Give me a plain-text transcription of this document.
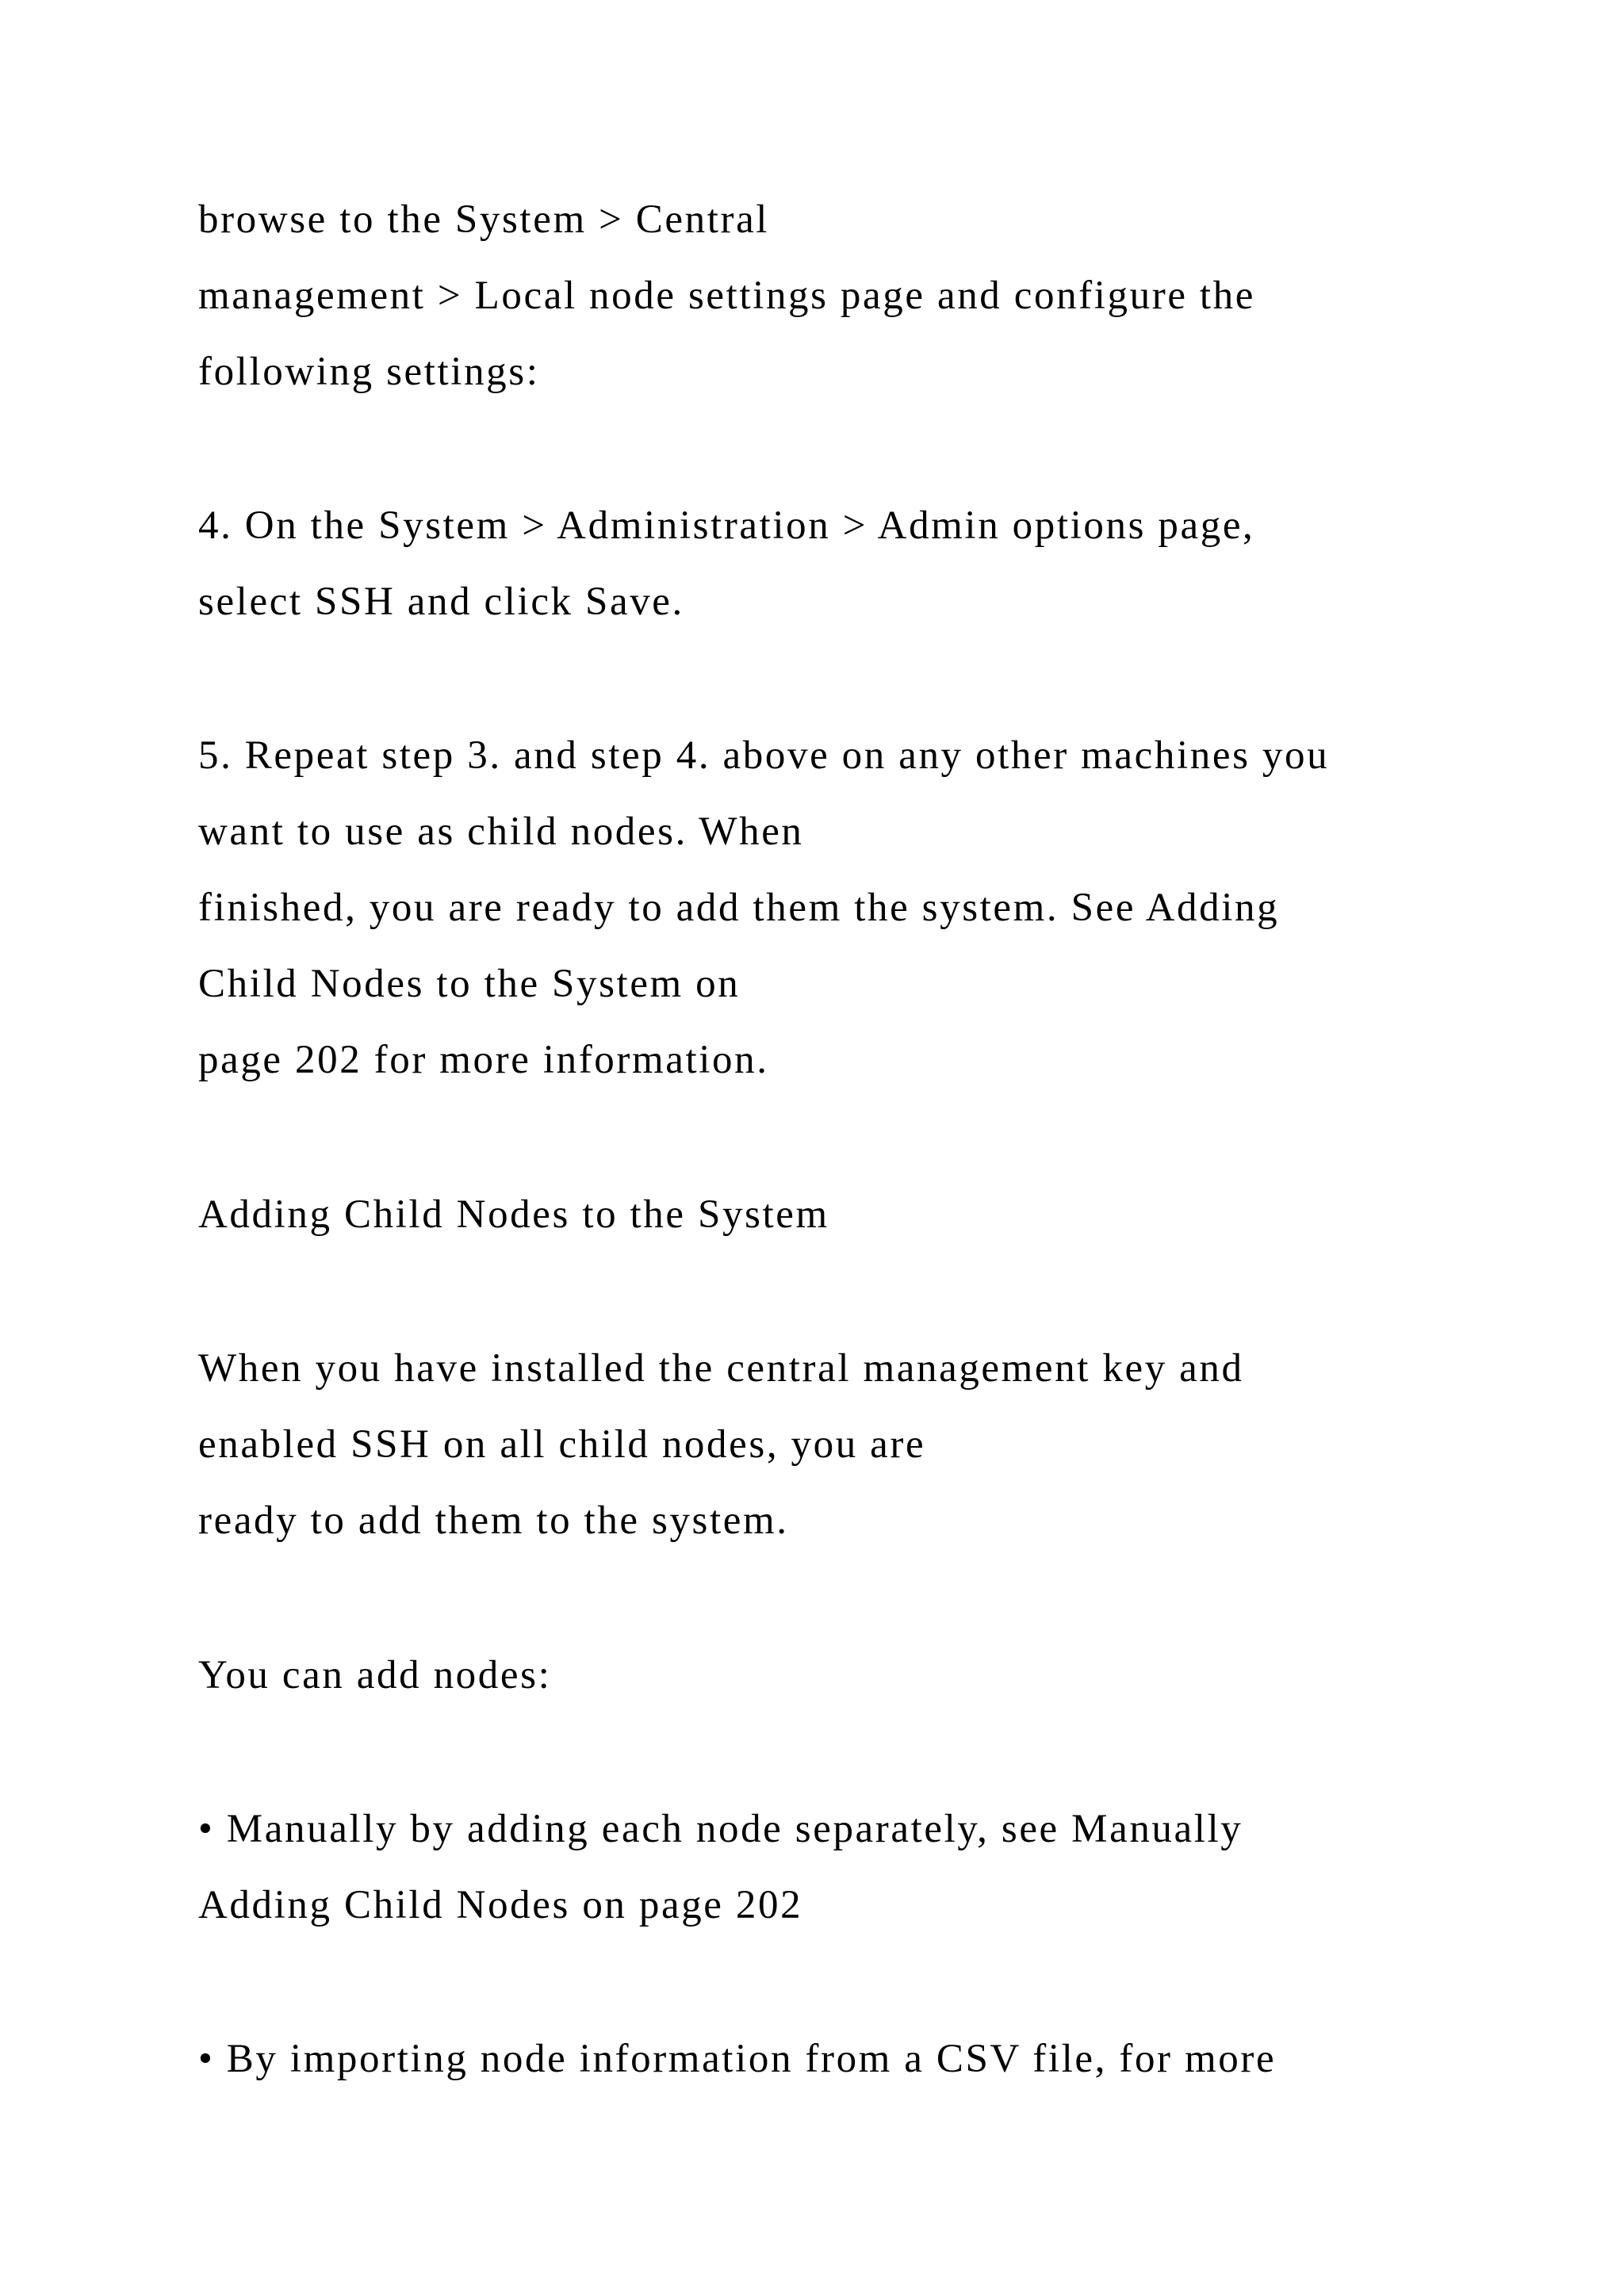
browse to the System > Central

management > Local node settings page and configure the

following settings:

4. On the System > Administration > Admin options page,

select SSH and click Save.

5. Repeat step 3. and step 4. above on any other machines you

want to use as child nodes. When

finished, you are ready to add them the system. See Adding

Child Nodes to the System on

page 202 for more information.

Adding Child Nodes to the System

When you have installed the central management key and

enabled SSH on all child nodes, you are

ready to add them to the system.

You can add nodes:

• Manually by adding each node separately, see Manually

Adding Child Nodes on page 202

• By importing node information from a CSV file, for more
